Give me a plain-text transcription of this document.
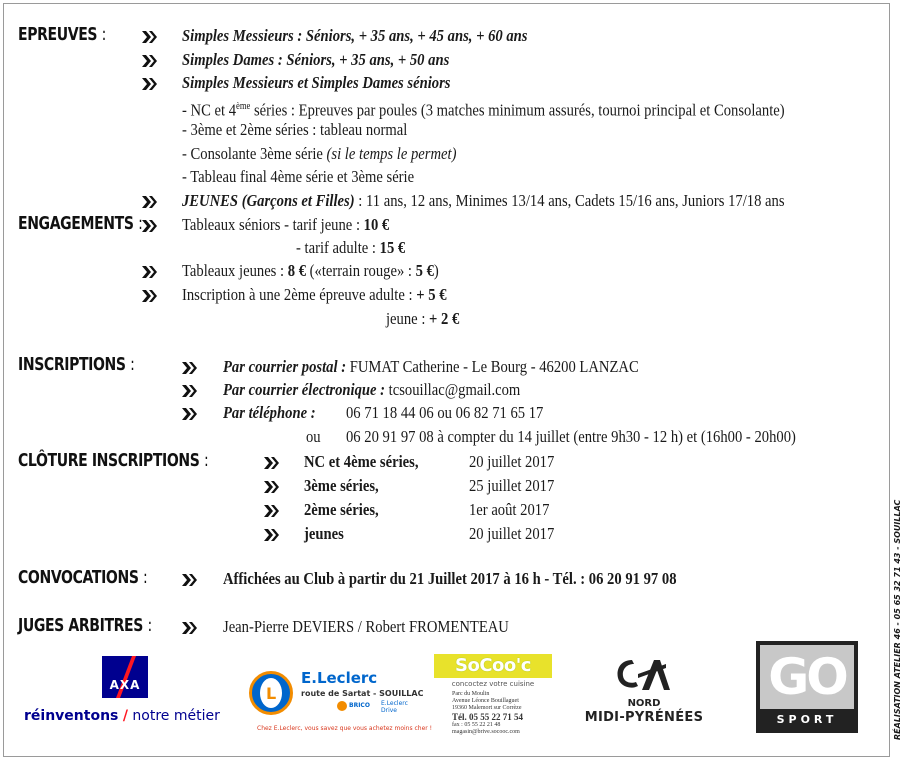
EPREUVES :	Simples Messieurs : Séniors, + 35 ans, + 45 ans, + 60 ans
Simples Dames : Séniors, + 35 ans, + 50 ans
Simples Messieurs et Simples Dames séniors
- NC et 4ème séries : Epreuves par poules (3 matches minimum assurés, tournoi principal et Consolante)
- 3ème et 2ème séries : tableau normal
- Consolante 3ème série (si le temps le permet)
- Tableau final 4ème série et 3ème série
JEUNES (Garçons et Filles) : 11 ans, 12 ans, Minimes 13/14 ans, Cadets 15/16 ans, Juniors 17/18 ans
ENGAGEMENTS : Tableaux séniors - tarif jeune : 10 €
- tarif adulte : 15 €
Tableaux jeunes : 8 € («terrain rouge» : 5 €)
Inscription à une 2ème épreuve adulte : + 5 €
jeune : + 2 €
INSCRIPTIONS :	Par courrier postal : FUMAT Catherine - Le Bourg - 46200 LANZAC
Par courrier électronique : tcsouillac@gmail.com
Par téléphone : 06 71 18 44 06 ou 06 82 71 65 17
ou 06 20 91 97 08 à compter du 14 juillet (entre 9h30 - 12 h) et (16h00 - 20h00)
CLÔTURE INSCRIPTIONS :	NC et 4ème séries,	20 juillet 2017
3ème séries,	25 juillet 2017
2ème séries,	1er août 2017
jeunes	20 juillet 2017
CONVOCATIONS :	Affichées au Club à partir du 21 Juillet 2017 à 16 h - Tél. : 06 20 91 97 08
JUGES ARBITRES :	Jean-Pierre DEVIERS / Robert FROMENTEAU
AXA
réinventons / notre métier
L
E.Leclerc
route de Sartat - SOUILLAC
BRICO E.Leclerc Drive
Chez E.Leclerc, vous savez que vous achetez moins cher !
SoCoo'c
concoctez votre cuisine
Parc du Moulin
Avenue Léonce Bouillaguet
19360 Malemort sur Corrèze
Tél. 05 55 22 71 54
fax : 05 55 22 21 48
magasin@brive.socooc.com
NORD
MIDI-PYRÉNÉES
GO
SPORT	RÉALISATION ATELIER 46 - 05 65 32 71 43 - SOUILLAC
